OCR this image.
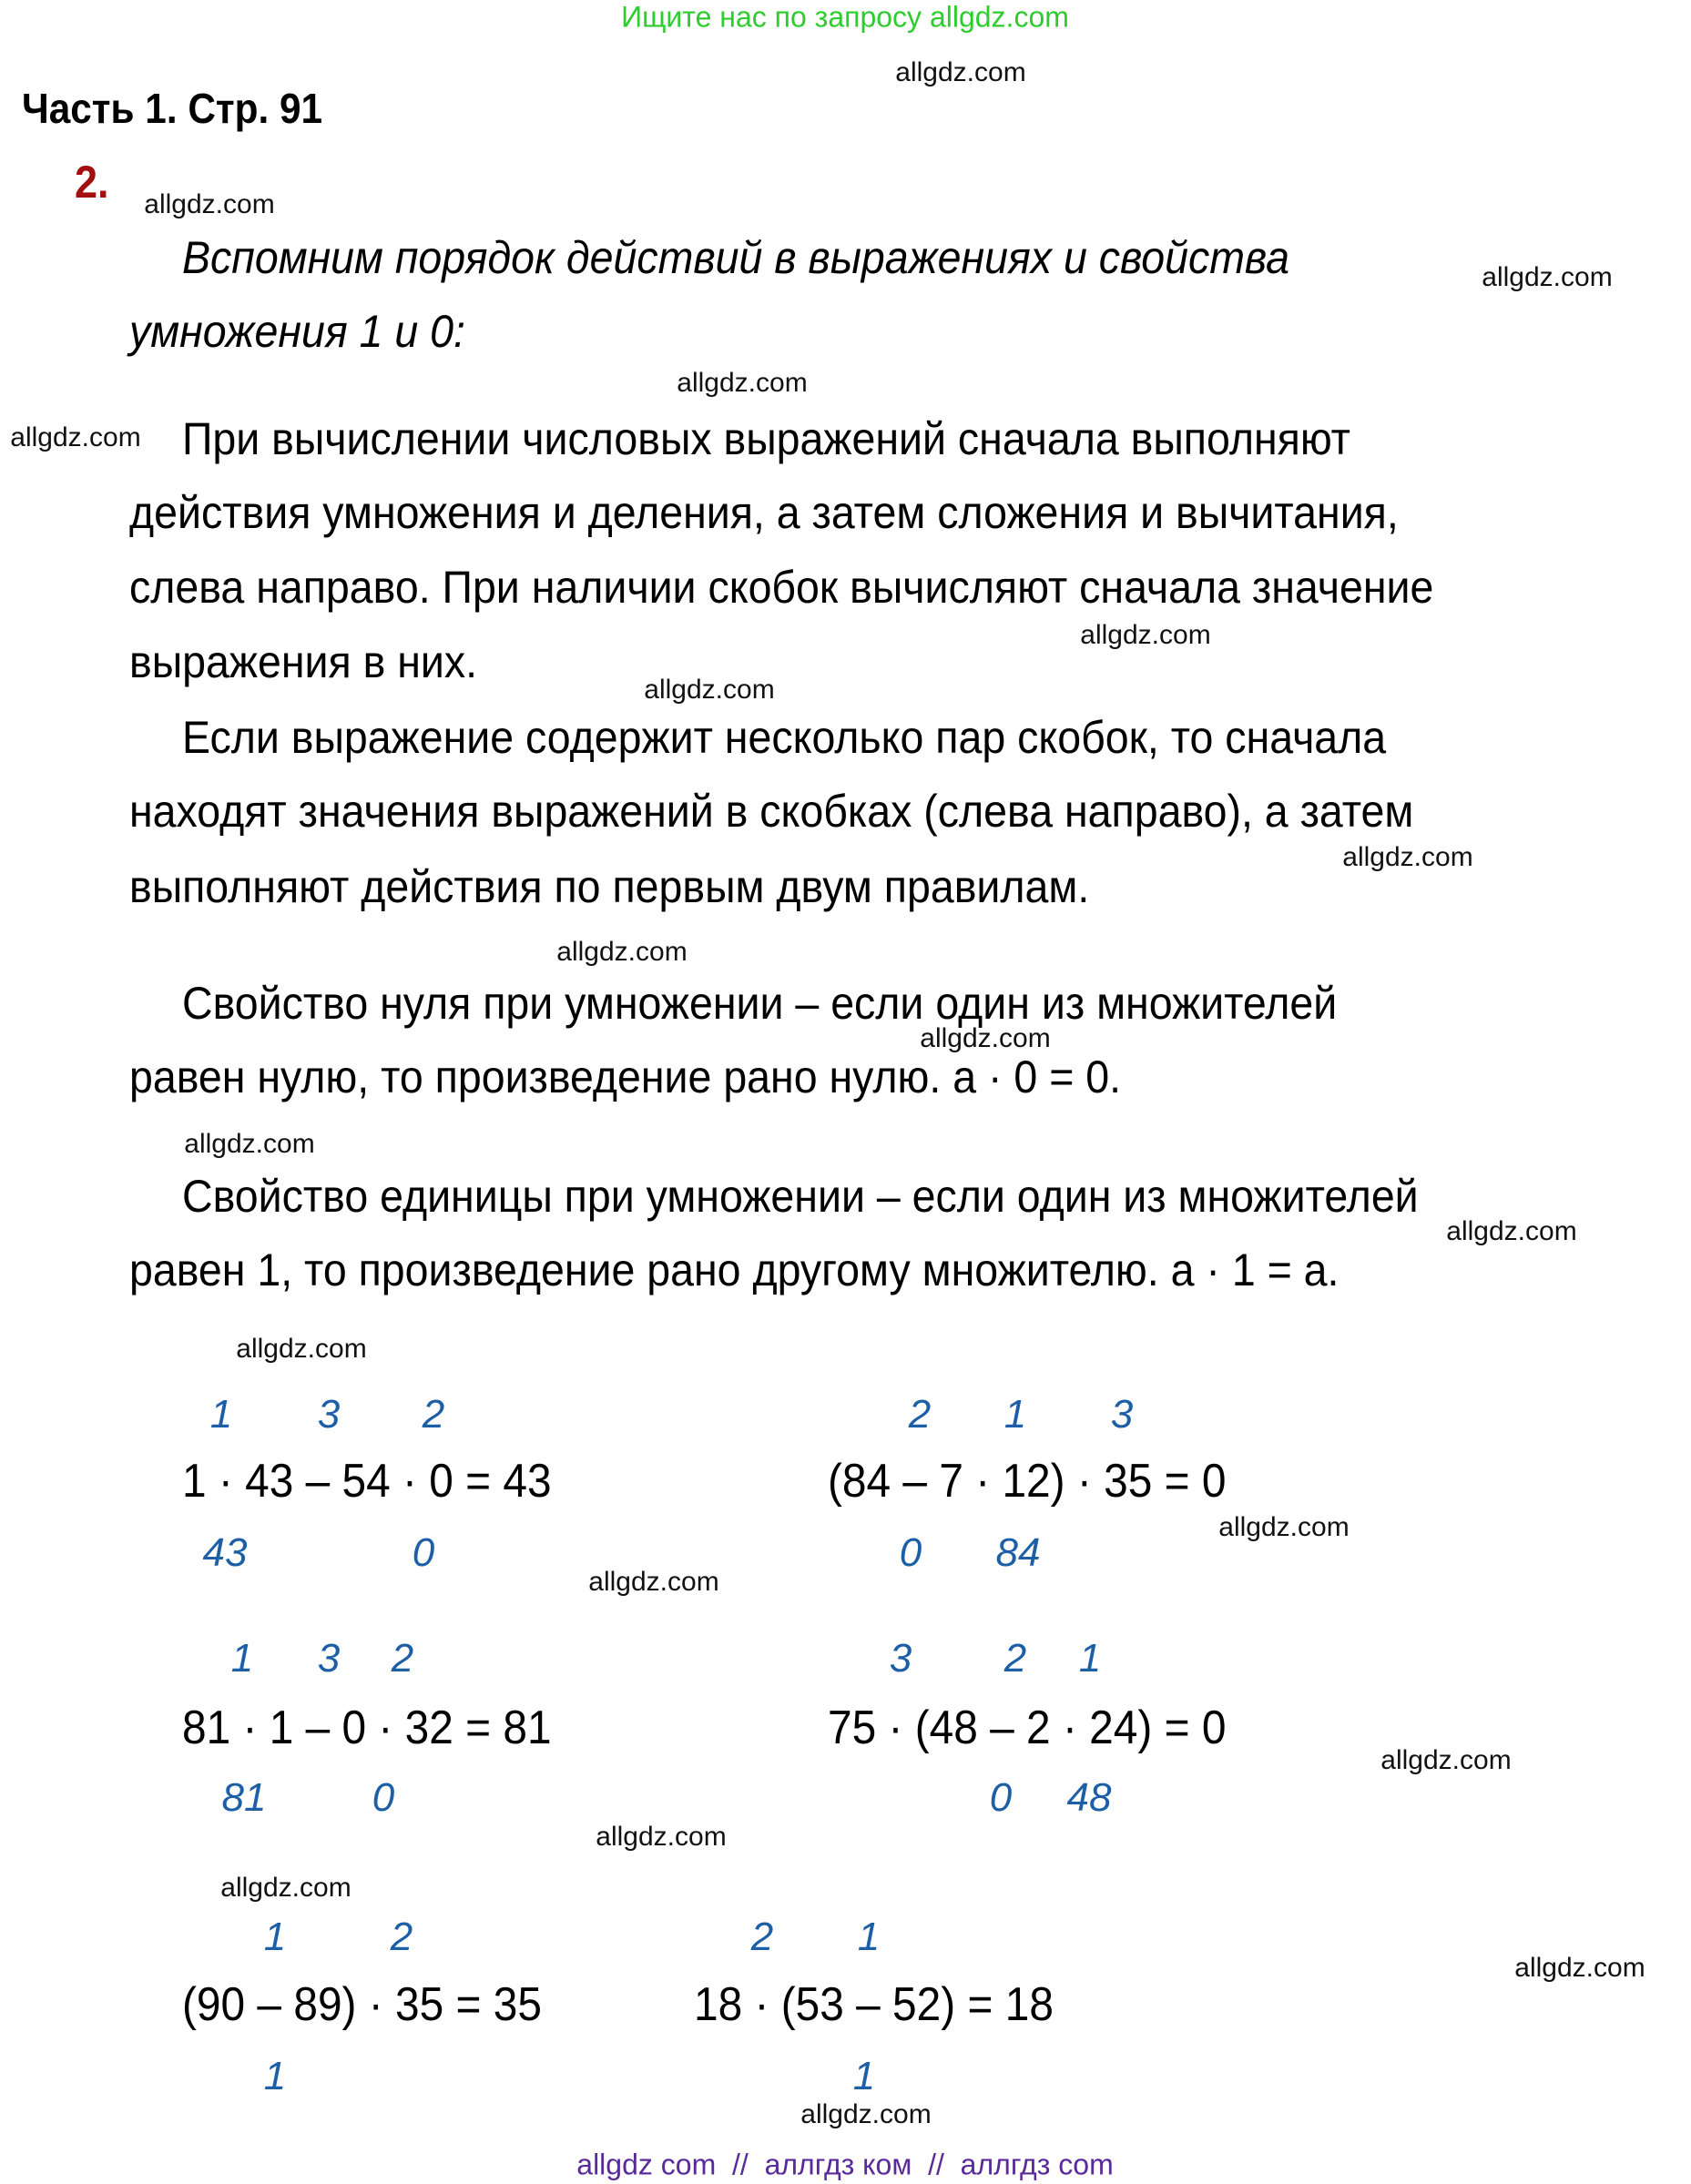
Ищите нас по запросу allgdz.com
allgdz.com
allgdz.com
allgdz.com
allgdz.com
allgdz.com
allgdz.com
allgdz.com
allgdz.com
allgdz.com
allgdz.com
allgdz.com
allgdz.com
allgdz.com
allgdz.com
allgdz.com
allgdz.com
allgdz.com
allgdz.com
allgdz.com
allgdz.com
Часть 1. Стр. 91
2.
Вспомним порядок действий в выражениях и свойства
умножения 1 и 0:
При вычислении числовых выражений сначала выполняют
действия умножения и деления, а затем сложения и вычитания,
слева направо. При наличии скобок вычисляют сначала значение
выражения в них.
Если выражение содержит несколько пар скобок, то сначала
находят значения выражений в скобках (слева направо), а затем
выполняют действия по первым двум правилам.
Свойство нуля при умножении – если один из множителей
равен нулю, то произведение рано нулю. а · 0 = 0.
Свойство единицы при умножении – если один из множителей
равен 1, то произведение рано другому множителю. а · 1 = а.
1 3 2
1 · 43 – 54 · 0 = 43
43	0
2 1 3
(84 – 7 · 12) · 35 = 0
0 84
1 3 2
81 · 1 – 0 · 32 = 81
81	0
3 2 1
75 · (48 – 2 · 24) = 0
0 48
1	2
(90 – 89) · 35 = 35
1
2 1
18 · (53 – 52) = 18
1
allgdz com  //  аллгдз ком  //  аллгдз com
